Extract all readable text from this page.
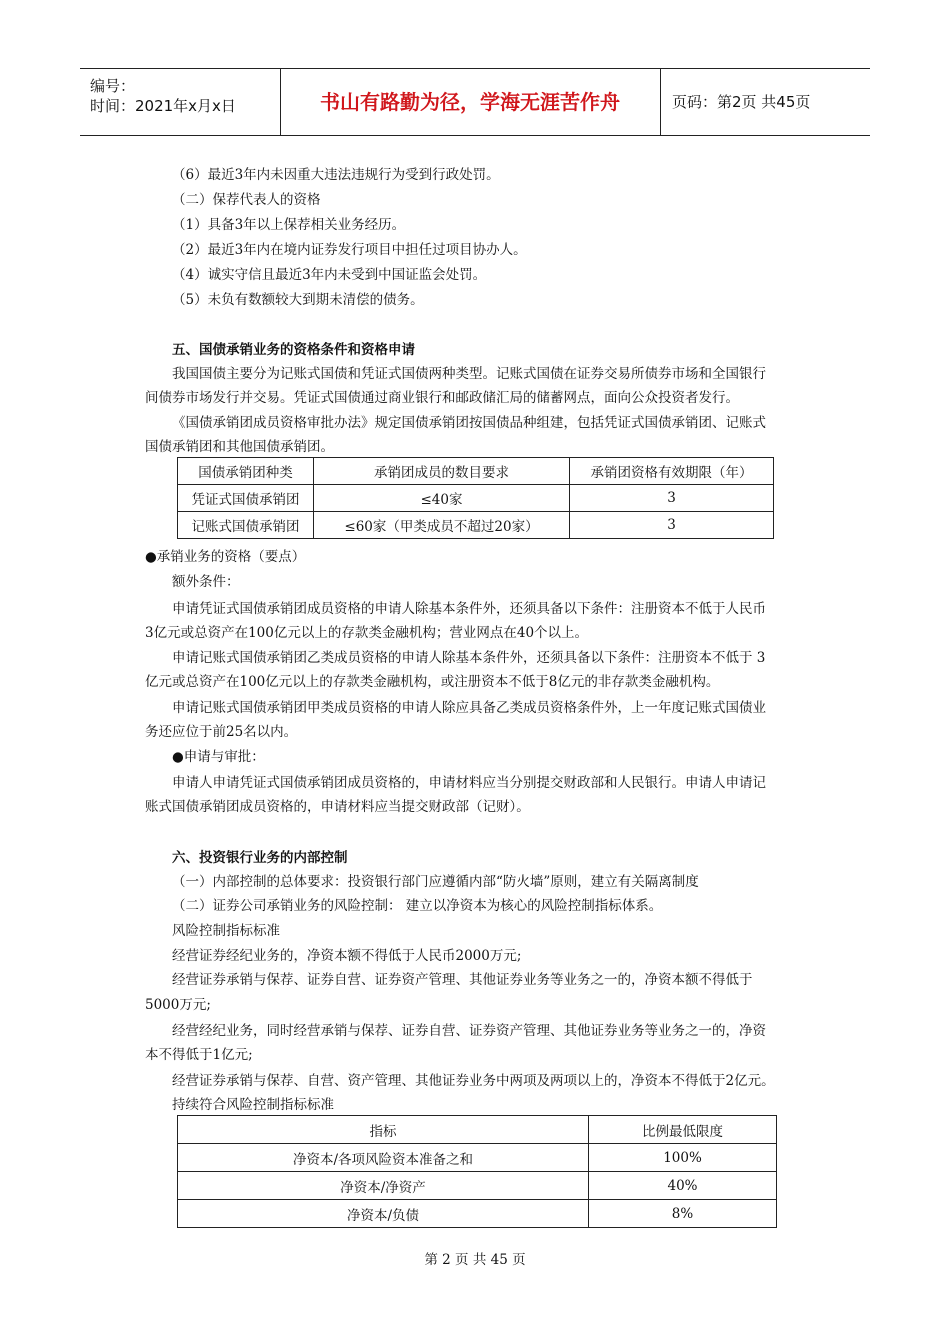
编号：
时间：2021年x月x日	书山有路勤为径，学海无涯苦作舟	页码：第2页 共45页
（6）最近3年内未因重大违法违规行为受到行政处罚。
（二）保荐代表人的资格
（1）具备3年以上保荐相关业务经历。
（2）最近3年内在境内证券发行项目中担任过项目协办人。
（4）诚实守信且最近3年内未受到中国证监会处罚。
（5）未负有数额较大到期未清偿的债务。
五、国债承销业务的资格条件和资格申请
我国国债主要分为记账式国债和凭证式国债两种类型。记账式国债在证券交易所债券市场和全国银行
间债券市场发行并交易。凭证式国债通过商业银行和邮政储汇局的储蓄网点，面向公众投资者发行。
《国债承销团成员资格审批办法》规定国债承销团按国债品种组建，包括凭证式国债承销团、记账式
国债承销团和其他国债承销团。
国债承销团种类	承销团成员的数目要求	承销团资格有效期限（年）
凭证式国债承销团	≤40家	3
记账式国债承销团	≤60家（甲类成员不超过20家）	3
●承销业务的资格（要点）
额外条件：
申请凭证式国债承销团成员资格的申请人除基本条件外，还须具备以下条件：注册资本不低于人民币
3亿元或总资产在100亿元以上的存款类金融机构；营业网点在40个以上。
申请记账式国债承销团乙类成员资格的申请人除基本条件外，还须具备以下条件：注册资本不低于 3
亿元或总资产在100亿元以上的存款类金融机构，或注册资本不低于8亿元的非存款类金融机构。
申请记账式国债承销团甲类成员资格的申请人除应具备乙类成员资格条件外，上一年度记账式国债业
务还应位于前25名以内。
●申请与审批：
申请人申请凭证式国债承销团成员资格的，申请材料应当分别提交财政部和人民银行。申请人申请记
账式国债承销团成员资格的，申请材料应当提交财政部（记财）。
六、投资银行业务的内部控制
（一）内部控制的总体要求：投资银行部门应遵循内部“防火墙”原则，建立有关隔离制度
（二）证券公司承销业务的风险控制： 建立以净资本为核心的风险控制指标体系。
风险控制指标标准
经营证券经纪业务的，净资本额不得低于人民币2000万元;
经营证券承销与保荐、证券自营、证券资产管理、其他证券业务等业务之一的，净资本额不得低于
5000万元;
经营经纪业务，同时经营承销与保荐、证券自营、证券资产管理、其他证券业务等业务之一的，净资
本不得低于1亿元;
经营证券承销与保荐、自营、资产管理、其他证券业务中两项及两项以上的，净资本不得低于2亿元。
持续符合风险控制指标标准
指标	比例最低限度
净资本/各项风险资本准备之和	100%
净资本/净资产	40%
净资本/负债	8%
第 2 页 共 45 页
